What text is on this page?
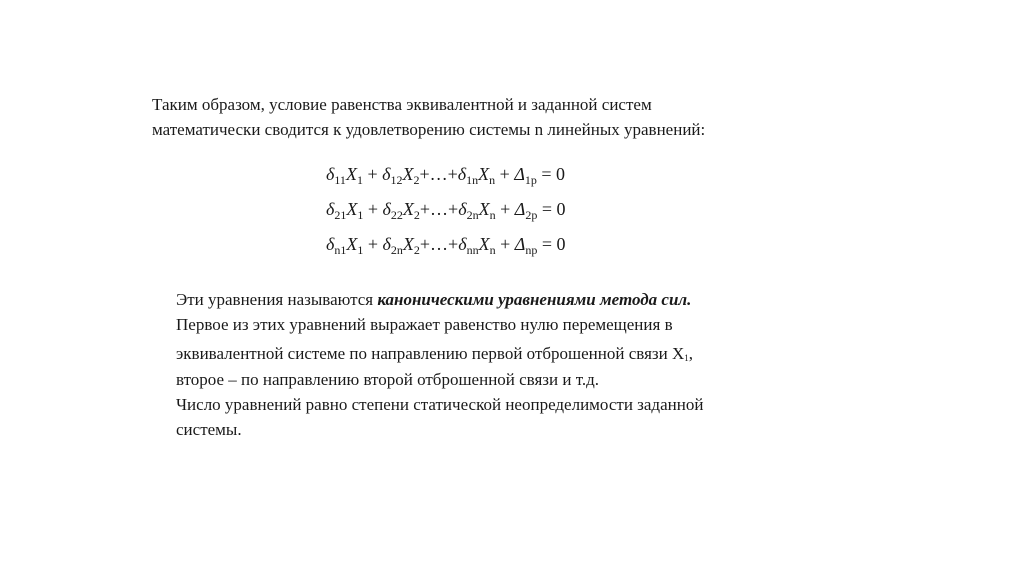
Таким образом, условие равенства эквивалентной и заданной систем

математически сводится к удовлетворению системы n линейных уравнений:

$\delta_{11}X_1$ + $\delta_{12}X_2+\dots+\delta_{1n}X_n + \Delta_{1p} = 0$
$\delta_{21}X_1$ + $\delta_{22}X_2+\dots+\delta_{2n}X_n + \Delta_{2p} = 0$
$\delta_{n1}X_1$ + $\delta_{2n}X_2+\dots+\delta_{nn}X_n + \Delta_{np} = 0$

Эти уравнения называются каноническими уравнениями метода сил.

Первое из этих уравнений выражает равенство нулю перемещения в

эквивалентной системе по направлению первой отброшенной связи $Х_1$,

второе – по направлению второй отброшенной связи и т.д.

Число уравнений равно степени статической неопределимости заданной

системы.
